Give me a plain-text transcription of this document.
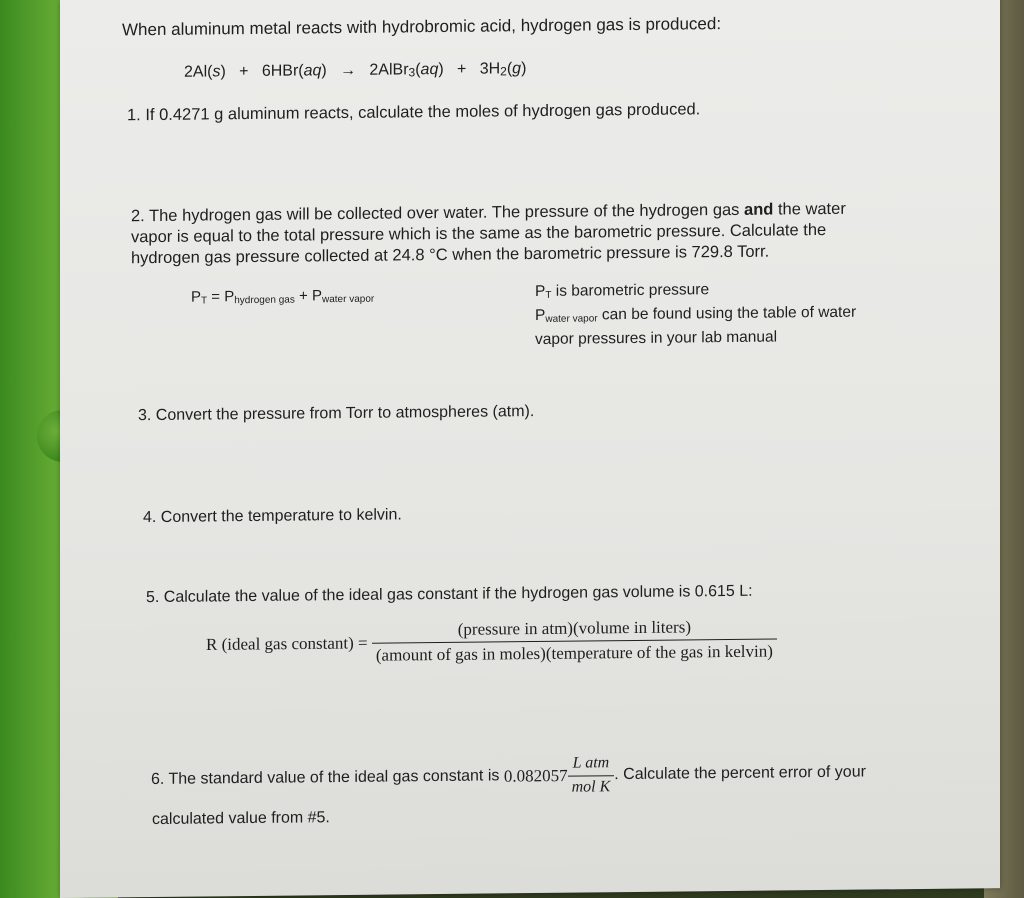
When aluminum metal reacts with hydrobromic acid, hydrogen gas is produced:
2Al(s) + 6HBr(aq) → 2AlBr3(aq) + 3H2(g)
1. If 0.4271 g aluminum reacts, calculate the moles of hydrogen gas produced.
2. The hydrogen gas will be collected over water. The pressure of the hydrogen gas and the water
vapor is equal to the total pressure which is the same as the barometric pressure. Calculate the
hydrogen gas pressure collected at 24.8 °C when the barometric pressure is 729.8 Torr.
$P_T = P_{hydrogen gas} + P_{water vapor}$	$P_T$ is barometric pressure
$P_{water vapor}$ can be found using the table of water
vapor pressures in your lab manual
3. Convert the pressure from Torr to atmospheres (atm).
4. Convert the temperature to kelvin.
5. Calculate the value of the ideal gas constant if the hydrogen gas volume is 0.615 L:
R (ideal gas constant) = $\frac{\text{(pressure in atm)(volume in liters)}}{\text{(amount of gas in moles)(temperature of the gas in kelvin)}}$
6. The standard value of the ideal gas constant is $0.082057 \frac{\text{L atm}}{\text{mol K}}$ . Calculate the percent error of your
calculated value from #5.
